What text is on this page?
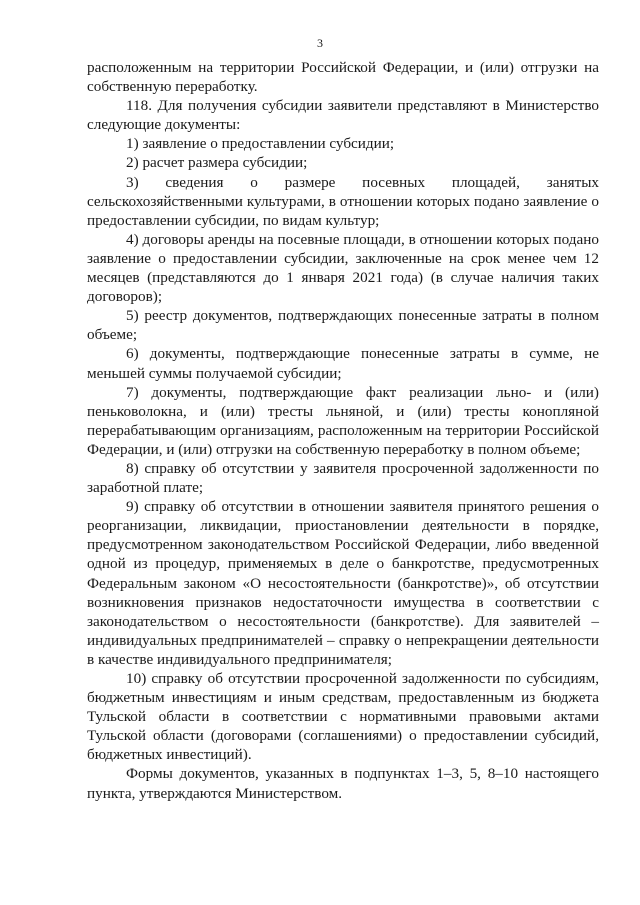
3

расположенным на территории Российской Федерации, и (или) отгрузки на собственную переработку.

118. Для получения субсидии заявители представляют в Министерство следующие документы:

1) заявление о предоставлении субсидии;

2) расчет размера субсидии;

3) сведения о размере посевных площадей, занятых сельскохозяйственными культурами, в отношении которых подано заявление о предоставлении субсидии, по видам культур;

4) договоры аренды на посевные площади, в отношении которых подано заявление о предоставлении субсидии, заключенные на срок менее чем 12 месяцев (представляются до 1 января 2021 года) (в случае наличия таких договоров);

5) реестр документов, подтверждающих понесенные затраты в полном объеме;

6) документы, подтверждающие понесенные затраты в сумме, не меньшей суммы получаемой субсидии;

7) документы, подтверждающие факт реализации льно- и (или) пеньковолокна, и (или) тресты льняной, и (или) тресты конопляной перерабатывающим организациям, расположенным на территории Российской Федерации, и (или) отгрузки на собственную переработку в полном объеме;

8) справку об отсутствии у заявителя просроченной задолженности по заработной плате;

9) справку об отсутствии в отношении заявителя принятого решения о реорганизации, ликвидации, приостановлении деятельности в порядке, предусмотренном законодательством Российской Федерации, либо введенной одной из процедур, применяемых в деле о банкротстве, предусмотренных Федеральным законом «О несостоятельности (банкротстве)», об отсутствии возникновения признаков недостаточности имущества в соответствии с законодательством о несостоятельности (банкротстве). Для заявителей – индивидуальных предпринимателей – справку о непрекращении деятельности в качестве индивидуального предпринимателя;

10) справку об отсутствии просроченной задолженности по субсидиям, бюджетным инвестициям и иным средствам, предоставленным из бюджета Тульской области в соответствии с нормативными правовыми актами Тульской области (договорами (соглашениями) о предоставлении субсидий, бюджетных инвестиций).

Формы документов, указанных в подпунктах 1–3, 5, 8–10 настоящего пункта, утверждаются Министерством.
